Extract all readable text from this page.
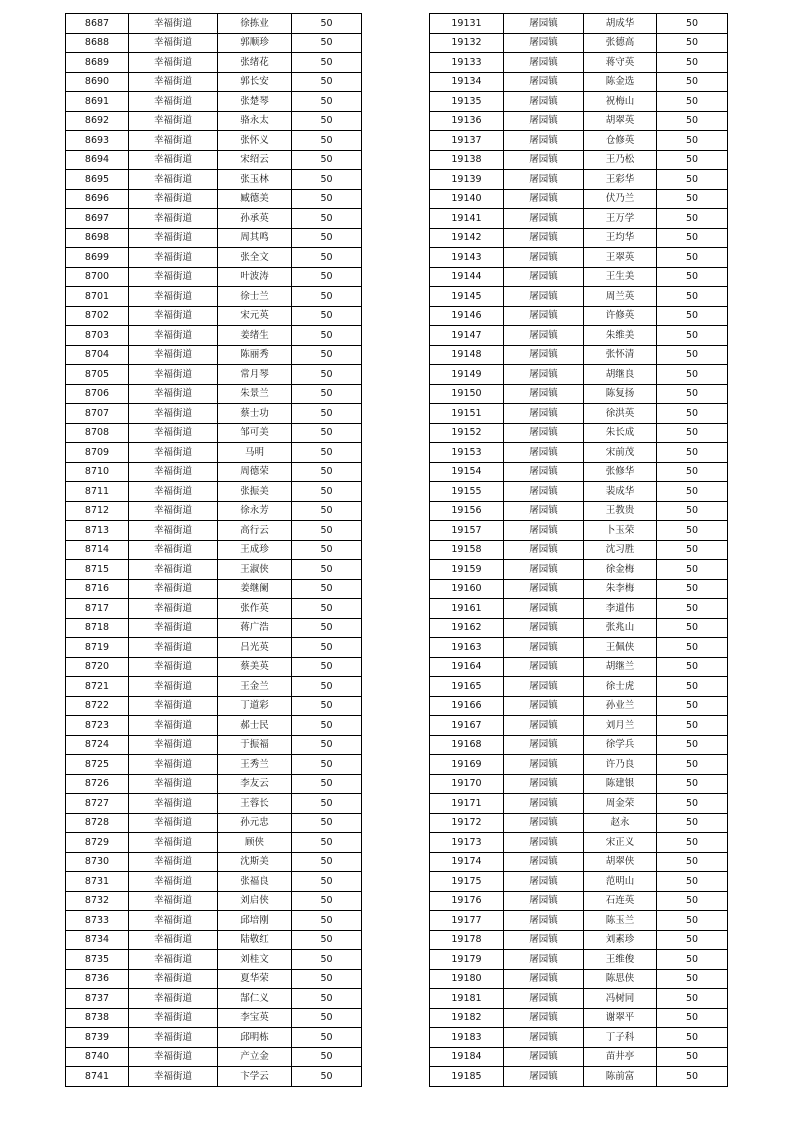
8687	幸福街道	徐拣业	50
8688	幸福街道	郭顺珍	50
8689	幸福街道	张绪花	50
8690	幸福街道	郭长安	50
8691	幸福街道	张楚琴	50
8692	幸福街道	骆永太	50
8693	幸福街道	张怀义	50
8694	幸福街道	宋绍云	50
8695	幸福街道	张玉林	50
8696	幸福街道	臧德美	50
8697	幸福街道	孙承英	50
8698	幸福街道	周其鸣	50
8699	幸福街道	张全文	50
8700	幸福街道	叶波涛	50
8701	幸福街道	徐士兰	50
8702	幸福街道	宋元英	50
8703	幸福街道	姜绪生	50
8704	幸福街道	陈丽秀	50
8705	幸福街道	常月琴	50
8706	幸福街道	朱景兰	50
8707	幸福街道	蔡士功	50
8708	幸福街道	邹可美	50
8709	幸福街道	马明	50
8710	幸福街道	周德荣	50
8711	幸福街道	张振美	50
8712	幸福街道	徐永芳	50
8713	幸福街道	高行云	50
8714	幸福街道	王成珍	50
8715	幸福街道	王淑侠	50
8716	幸福街道	姜继阑	50
8717	幸福街道	张作英	50
8718	幸福街道	蒋广浩	50
8719	幸福街道	吕光英	50
8720	幸福街道	蔡美英	50
8721	幸福街道	王金兰	50
8722	幸福街道	丁道彩	50
8723	幸福街道	郝士民	50
8724	幸福街道	于振福	50
8725	幸福街道	王秀兰	50
8726	幸福街道	李友云	50
8727	幸福街道	王蓉长	50
8728	幸福街道	孙元忠	50
8729	幸福街道	顾侠	50
8730	幸福街道	沈斯美	50
8731	幸福街道	张福良	50
8732	幸福街道	刘启侠	50
8733	幸福街道	邱培刚	50
8734	幸福街道	陆敬红	50
8735	幸福街道	刘桂文	50
8736	幸福街道	夏华荣	50
8737	幸福街道	郜仁义	50
8738	幸福街道	李宝英	50
8739	幸福街道	邱明栋	50
8740	幸福街道	产立金	50
8741	幸福街道	卞学云	50
19131	屠园镇	胡成华	50
19132	屠园镇	张德高	50
19133	屠园镇	蒋守英	50
19134	屠园镇	陈金选	50
19135	屠园镇	祝梅山	50
19136	屠园镇	胡翠英	50
19137	屠园镇	仓修英	50
19138	屠园镇	王乃松	50
19139	屠园镇	王彩华	50
19140	屠园镇	伏乃兰	50
19141	屠园镇	王万学	50
19142	屠园镇	王均华	50
19143	屠园镇	王翠英	50
19144	屠园镇	王生美	50
19145	屠园镇	周兰英	50
19146	屠园镇	许修英	50
19147	屠园镇	朱维美	50
19148	屠园镇	张怀清	50
19149	屠园镇	胡继良	50
19150	屠园镇	陈复扬	50
19151	屠园镇	徐洪英	50
19152	屠园镇	朱长成	50
19153	屠园镇	宋前茂	50
19154	屠园镇	张修华	50
19155	屠园镇	裴成华	50
19156	屠园镇	王教贵	50
19157	屠园镇	卜玉荣	50
19158	屠园镇	沈习胜	50
19159	屠园镇	徐金梅	50
19160	屠园镇	朱李梅	50
19161	屠园镇	李道伟	50
19162	屠园镇	张兆山	50
19163	屠园镇	王佩侠	50
19164	屠园镇	胡继兰	50
19165	屠园镇	徐士虎	50
19166	屠园镇	孙业兰	50
19167	屠园镇	刘月兰	50
19168	屠园镇	徐学兵	50
19169	屠园镇	许乃良	50
19170	屠园镇	陈建银	50
19171	屠园镇	周金荣	50
19172	屠园镇	赵永	50
19173	屠园镇	宋正义	50
19174	屠园镇	胡翠侠	50
19175	屠园镇	范明山	50
19176	屠园镇	石连英	50
19177	屠园镇	陈玉兰	50
19178	屠园镇	刘素珍	50
19179	屠园镇	王维俊	50
19180	屠园镇	陈思侠	50
19181	屠园镇	冯树同	50
19182	屠园镇	谢翠平	50
19183	屠园镇	丁子科	50
19184	屠园镇	苗井亭	50
19185	屠园镇	陈前富	50
